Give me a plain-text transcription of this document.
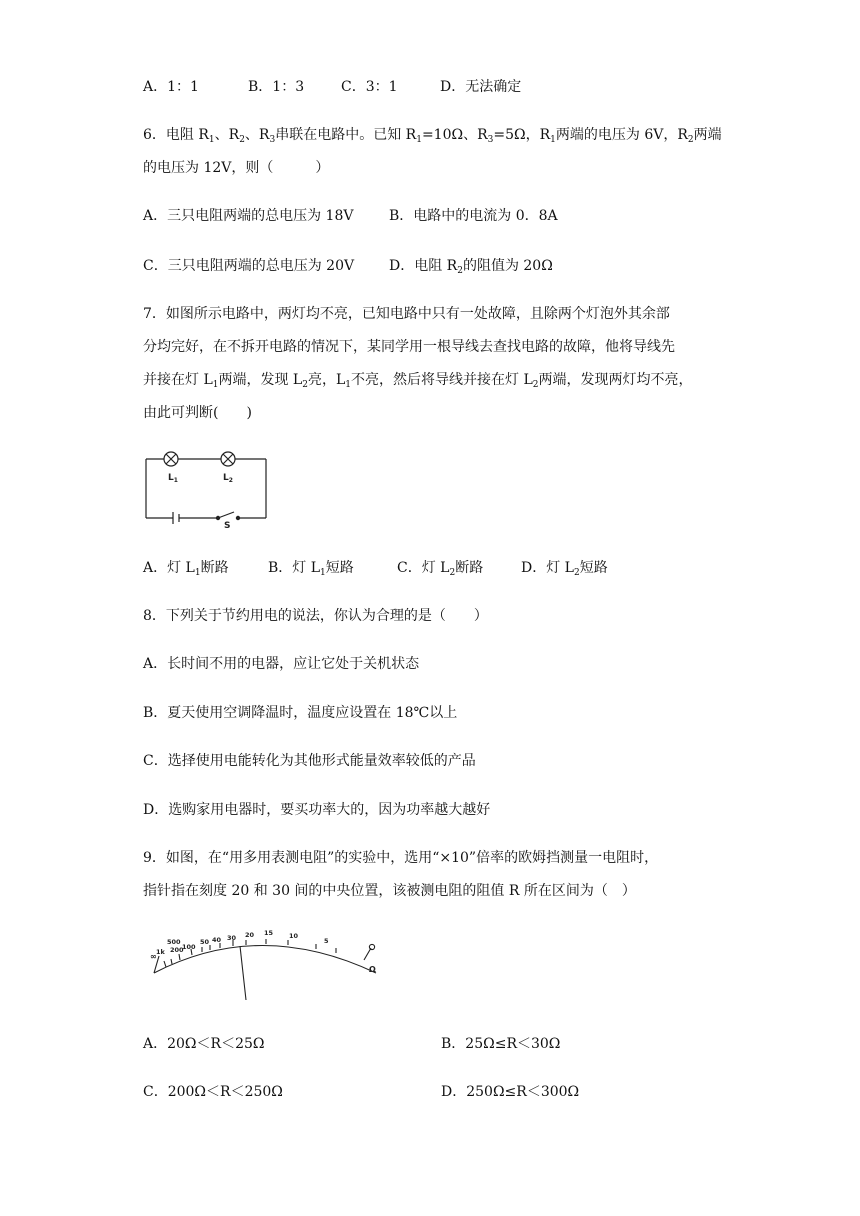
A．1：1	B．1：3	C．3：1	D．无法确定
6．电阻 $R_1$、$R_2$、$R_3$串联在电路中。已知 $R_1=10\Omega$、$R_3=5\Omega$，$R_1$两端的电压为 6V，$R_2$两端
的电压为 12V，则（　　　）
A．三只电阻两端的总电压为 18V	B．电路中的电流为 0．8A
C．三只电阻两端的总电压为 20V D．电阻 $R_2$的阻值为 20Ω
7．如图所示电路中，两灯均不亮，已知电路中只有一处故障，且除两个灯泡外其余部
分均完好，在不拆开电路的情况下，某同学用一根导线去查找电路的故障，他将导线先
并接在灯 $L_1$两端，发现 $L_2$亮，$L_1$不亮，然后将导线并接在灯 $L_2$两端，发现两灯均不亮，
由此可判断(　　)
$L_1$	$L_2$
S
A．灯 $L_1$断路	B．灯 $L_1$短路	C．灯 $L_2$断路	D．灯 $L_2$短路
8．下列关于节约用电的说法，你认为合理的是（　　）
A．长时间不用的电器，应让它处于关机状态
B．夏天使用空调降温时，温度应设置在 18℃以上
C．选择使用电能转化为其他形式能量效率较低的产品
D．选购家用电器时，要买功率大的，因为功率越大越好
9．如图，在“用多用表测电阻”的实验中，选用“×10”倍率的欧姆挡测量一电阻时，
指针指在刻度 20 和 30 间的中央位置，该被测电阻的阻值 R 所在区间为（　）
∞ 1k
500
200
100
50 40 30 20 15 10
5
Ω
A．20Ω＜R＜25Ω	B．25Ω≤R＜30Ω
C．200Ω＜R＜250Ω	D．250Ω≤R＜300Ω
